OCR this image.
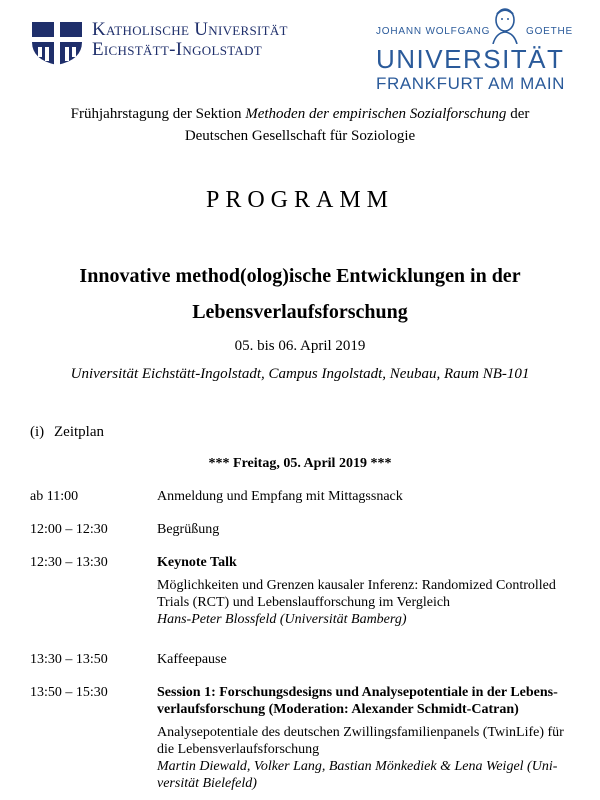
Katholische Universität
Eichstätt-Ingolstadt
JOHANN WOLFGANG	GOETHE
UNIVERSITÄT
FRANKFURT AM MAIN
Frühjahrstagung der Sektion Methoden der empirischen Sozialforschung der
Deutschen Gesellschaft für Soziologie
PROGRAMM
Innovative method(olog)ische Entwicklungen in der
Lebensverlaufsforschung
05. bis 06. April 2019
Universität Eichstätt-Ingolstadt, Campus Ingolstadt, Neubau, Raum NB-101
(i) Zeitplan
*** Freitag, 05. April 2019 ***
ab 11:00	Anmeldung und Empfang mit Mittagssnack
12:00 – 12:30	Begrüßung
12:30 – 13:30	Keynote Talk
Möglichkeiten und Grenzen kausaler Inferenz: Randomized Controlled
Trials (RCT) und Lebenslaufforschung im Vergleich
Hans-Peter Blossfeld (Universität Bamberg)
13:30 – 13:50	Kaffeepause
13:50 – 15:30	Session 1: Forschungsdesigns und Analysepotentiale in der Lebens-
verlaufsforschung (Moderation: Alexander Schmidt-Catran)
Analysepotentiale des deutschen Zwillingsfamilienpanels (TwinLife) für
die Lebensverlaufsforschung
Martin Diewald, Volker Lang, Bastian Mönkediek & Lena Weigel (Uni-
versität Bielefeld)
